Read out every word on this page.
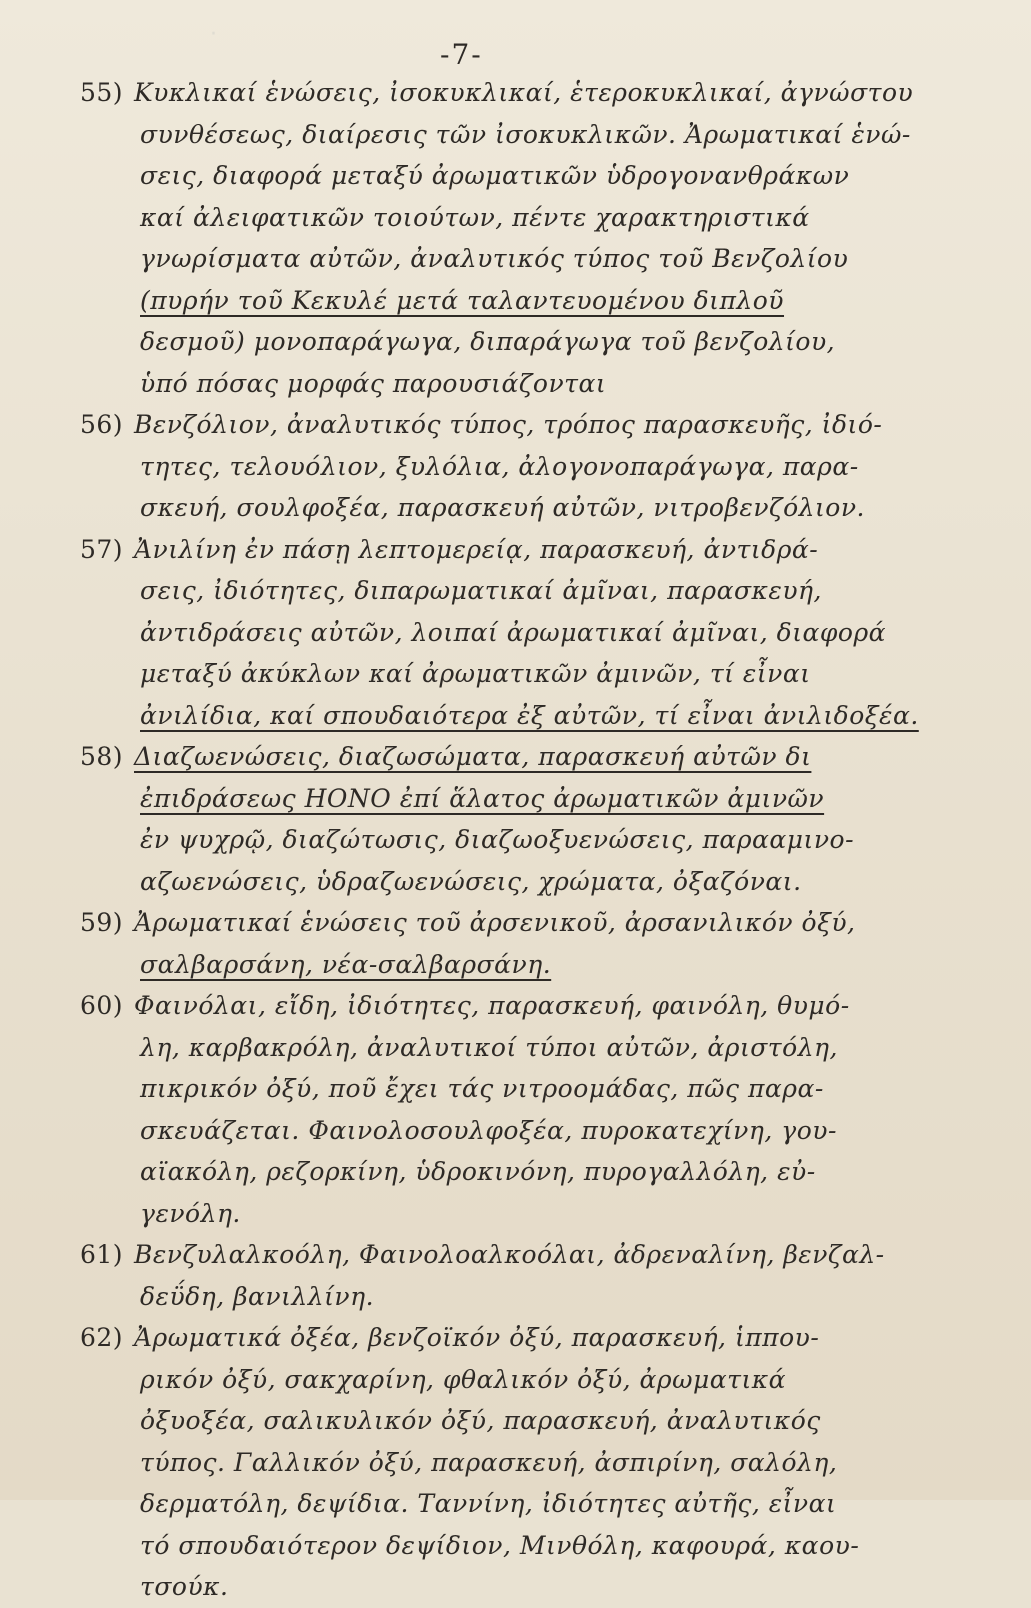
·
-7-
55) Κυκλικαί ἑνώσεις, ἰσοκυκλικαί, ἑτεροκυκλικαί, ἀγνώστου
συνθέσεως, διαίρεσις τῶν ἰσοκυκλικῶν. Ἀρωματικαί ἑνώ-
σεις, διαφορά μεταξύ ἀρωματικῶν ὑδρογονανθράκων
καί ἀλειφατικῶν τοιούτων, πέντε χαρακτηριστικά
γνωρίσματα αὐτῶν, ἀναλυτικός τύπος τοῦ Βενζολίου
(πυρήν τοῦ Κεκυλέ μετά ταλαντευομένου διπλοῦ
δεσμοῦ) μονοπαράγωγα, διπαράγωγα τοῦ βενζολίου,
ὑπό πόσας μορφάς παρουσιάζονται
56) Βενζόλιον, ἀναλυτικός τύπος, τρόπος παρασκευῆς, ἰδιό-
τητες, τελουόλιον, ξυλόλια, ἀλογονοπαράγωγα, παρα-
σκευή, σουλφοξέα, παρασκευή αὐτῶν, νιτροβενζόλιον.
57) Ἀνιλίνη ἐν πάσῃ λεπτομερείᾳ, παρασκευή, ἀντιδρά-
σεις, ἰδιότητες, διπαρωματικαί ἀμῖναι, παρασκευή,
ἀντιδράσεις αὐτῶν, λοιπαί ἀρωματικαί ἀμῖναι, διαφορά
μεταξύ ἀκύκλων καί ἀρωματικῶν ἀμινῶν, τί εἶναι
ἀνιλίδια, καί σπουδαιότερα ἐξ αὐτῶν, τί εἶναι ἀνιλιδοξέα.
58) Διαζωενώσεις, διαζωσώματα, παρασκευή αὐτῶν δι
ἐπιδράσεως HONO ἐπί ἅλατος ἀρωματικῶν ἀμινῶν
ἐν ψυχρῷ, διαζώτωσις, διαζωοξυενώσεις, παρααμινο-
αζωενώσεις, ὑδραζωενώσεις, χρώματα, ὀξαζόναι.
59) Ἀρωματικαί ἑνώσεις τοῦ ἀρσενικοῦ, ἀρσανιλικόν ὀξύ,
σαλβαρσάνη, νέα-σαλβαρσάνη.
60) Φαινόλαι, εἴδη, ἰδιότητες, παρασκευή, φαινόλη, θυμό-
λη, καρβακρόλη, ἀναλυτικοί τύποι αὐτῶν, ἀριστόλη,
πικρικόν ὀξύ, ποῦ ἔχει τάς νιτροομάδας, πῶς παρα-
σκευάζεται. Φαινολοσουλφοξέα, πυροκατεχίνη, γου-
αϊακόλη, ρεζορκίνη, ὑδροκινόνη, πυρογαλλόλη, εὐ-
γενόλη.
61) Βενζυλαλκοόλη, Φαινολοαλκοόλαι, ἀδρεναλίνη, βενζαλ-
δεΰδη, βανιλλίνη.
62) Ἀρωματικά ὀξέα, βενζοϊκόν ὀξύ, παρασκευή, ἱππου-
ρικόν ὀξύ, σακχαρίνη, φθαλικόν ὀξύ, ἀρωματικά
ὀξυοξέα, σαλικυλικόν ὀξύ, παρασκευή, ἀναλυτικός
τύπος. Γαλλικόν ὀξύ, παρασκευή, ἀσπιρίνη, σαλόλη,
δερματόλη, δεψίδια. Ταννίνη, ἰδιότητες αὐτῆς, εἶναι
τό σπουδαιότερον δεψίδιον, Μινθόλη, καφουρά, καου-
τσούκ.
